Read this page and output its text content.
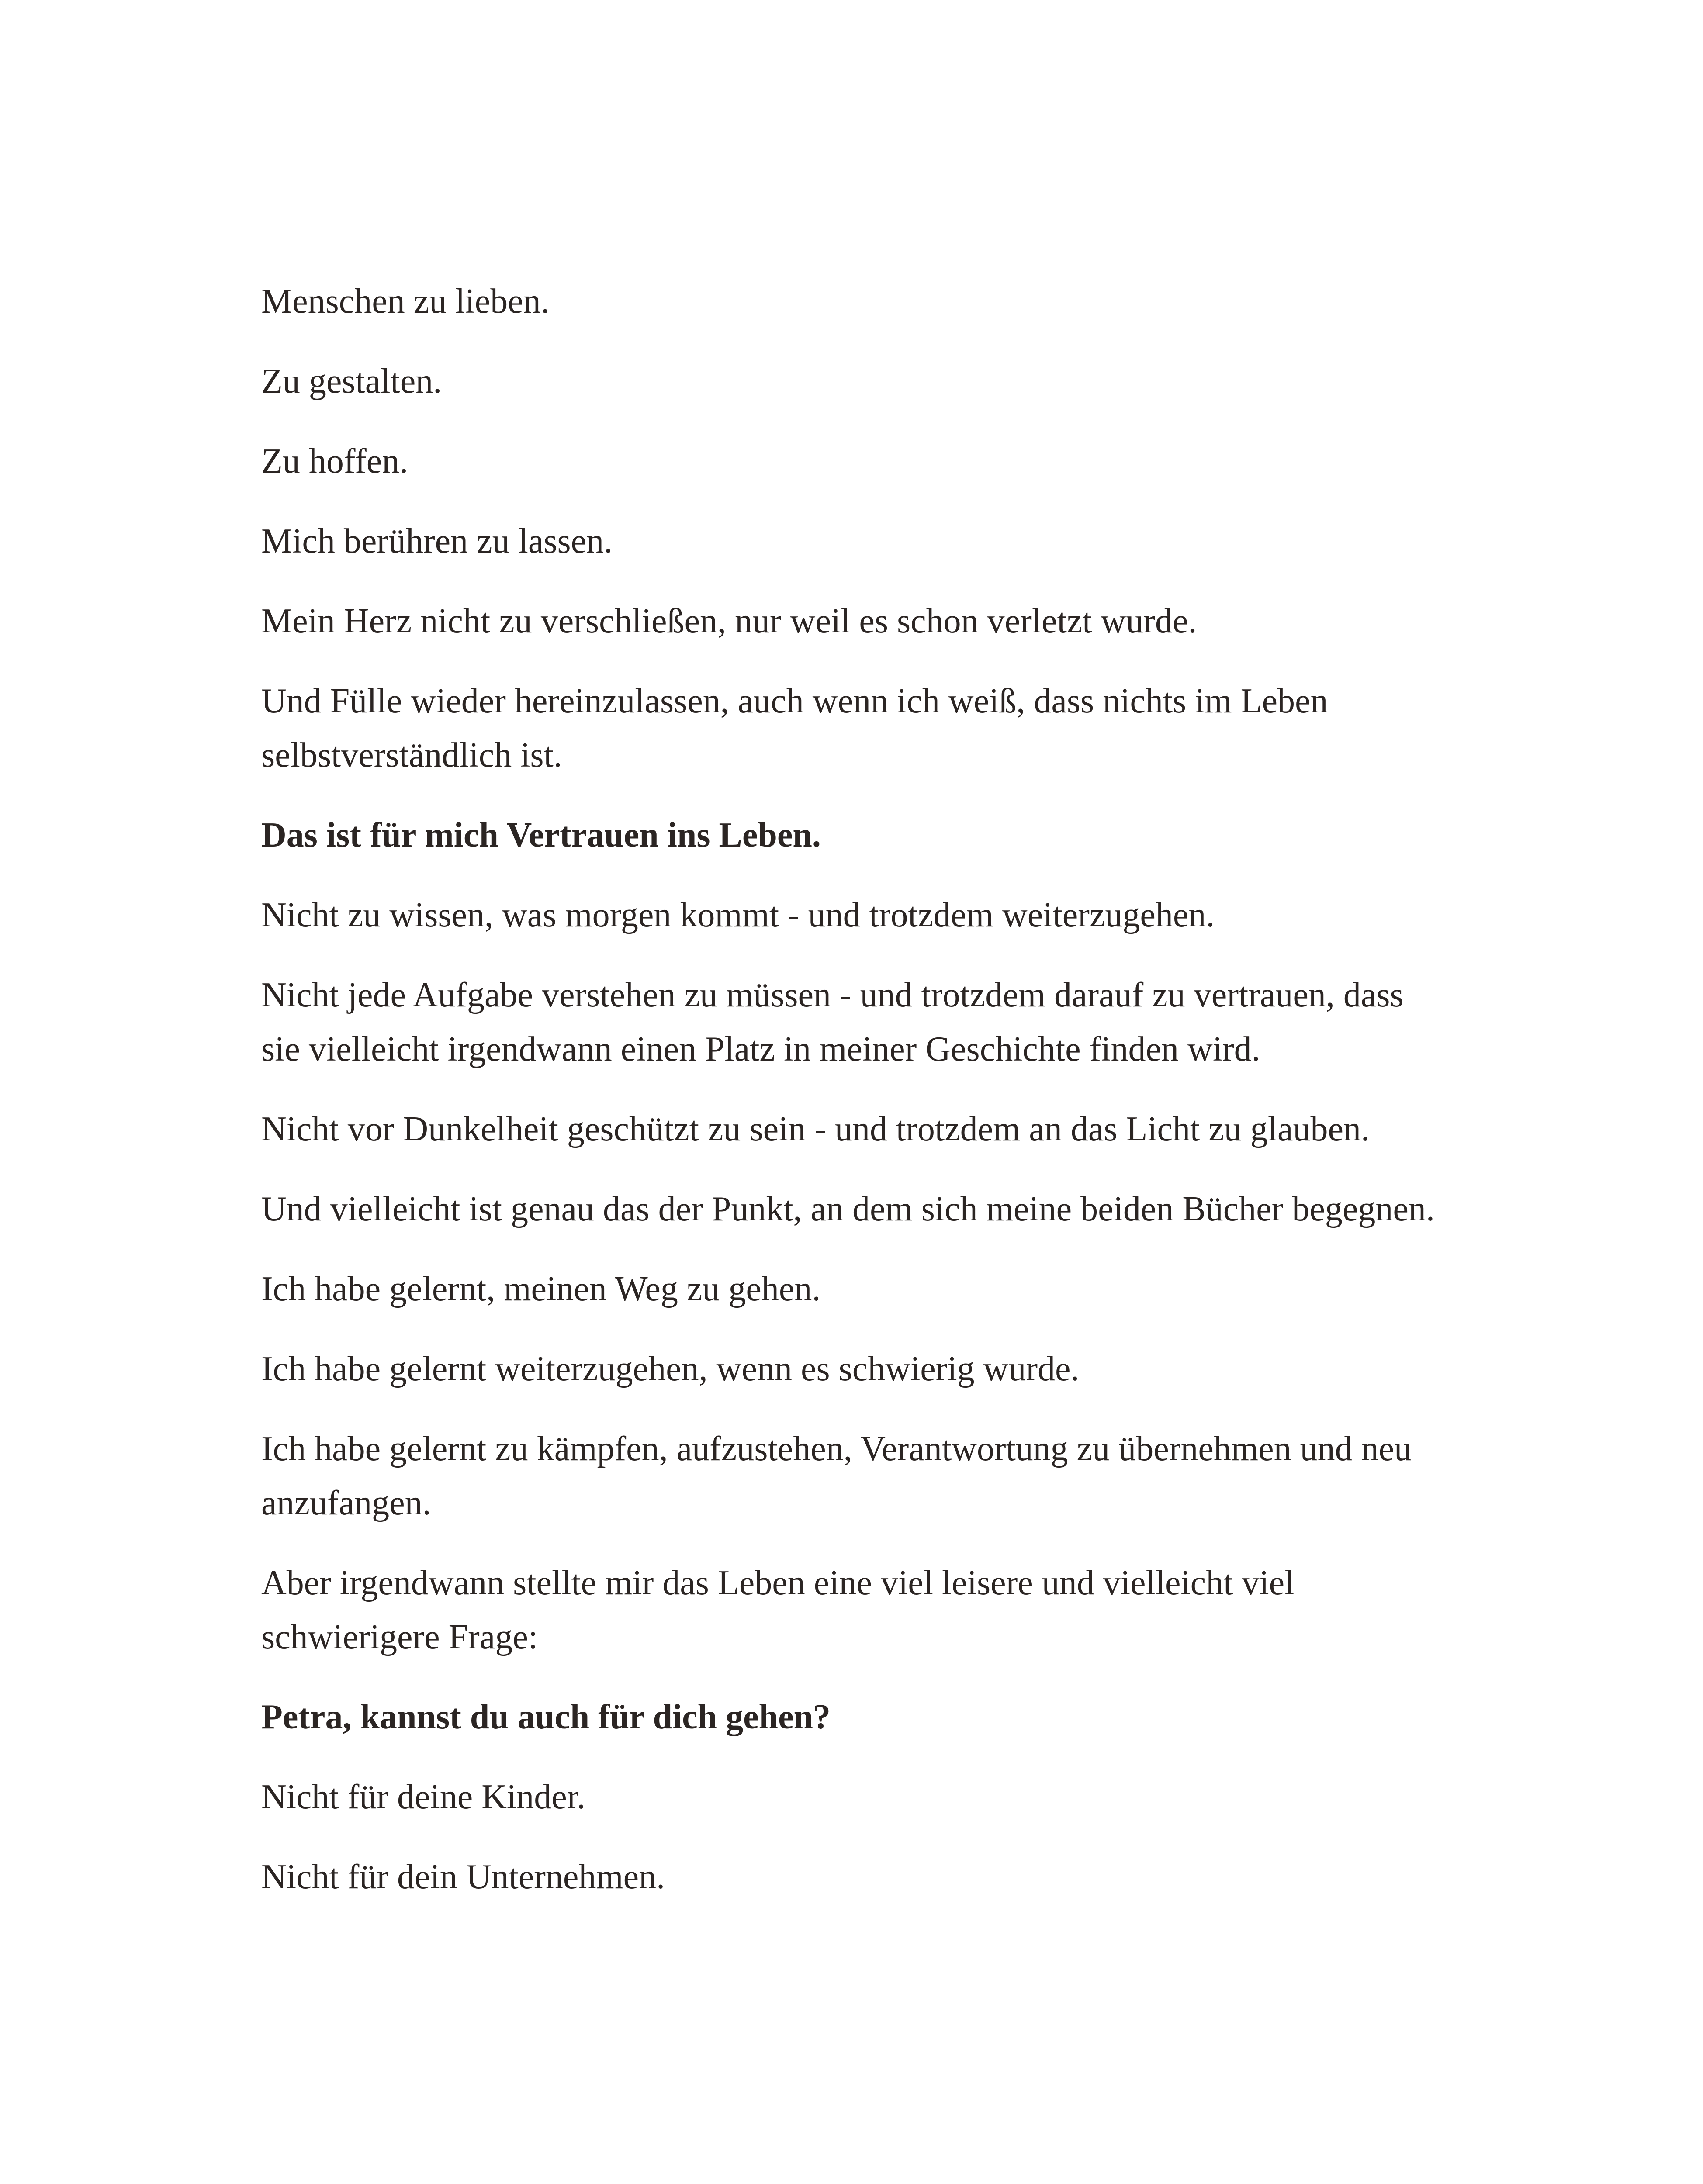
Menschen zu lieben.

Zu gestalten.

Zu hoffen.

Mich berühren zu lassen.

Mein Herz nicht zu verschließen, nur weil es schon verletzt wurde.

Und Fülle wieder hereinzulassen, auch wenn ich weiß, dass nichts im Leben selbstverständlich ist.

Das ist für mich Vertrauen ins Leben.

Nicht zu wissen, was morgen kommt - und trotzdem weiterzugehen.

Nicht jede Aufgabe verstehen zu müssen - und trotzdem darauf zu vertrauen, dass sie vielleicht irgendwann einen Platz in meiner Geschichte finden wird.

Nicht vor Dunkelheit geschützt zu sein - und trotzdem an das Licht zu glauben.

Und vielleicht ist genau das der Punkt, an dem sich meine beiden Bücher begegnen.

Ich habe gelernt, meinen Weg zu gehen.

Ich habe gelernt weiterzugehen, wenn es schwierig wurde.

Ich habe gelernt zu kämpfen, aufzustehen, Verantwortung zu übernehmen und neu anzufangen.

Aber irgendwann stellte mir das Leben eine viel leisere und vielleicht viel schwierigere Frage:

Petra, kannst du auch für dich gehen?

Nicht für deine Kinder.

Nicht für dein Unternehmen.
